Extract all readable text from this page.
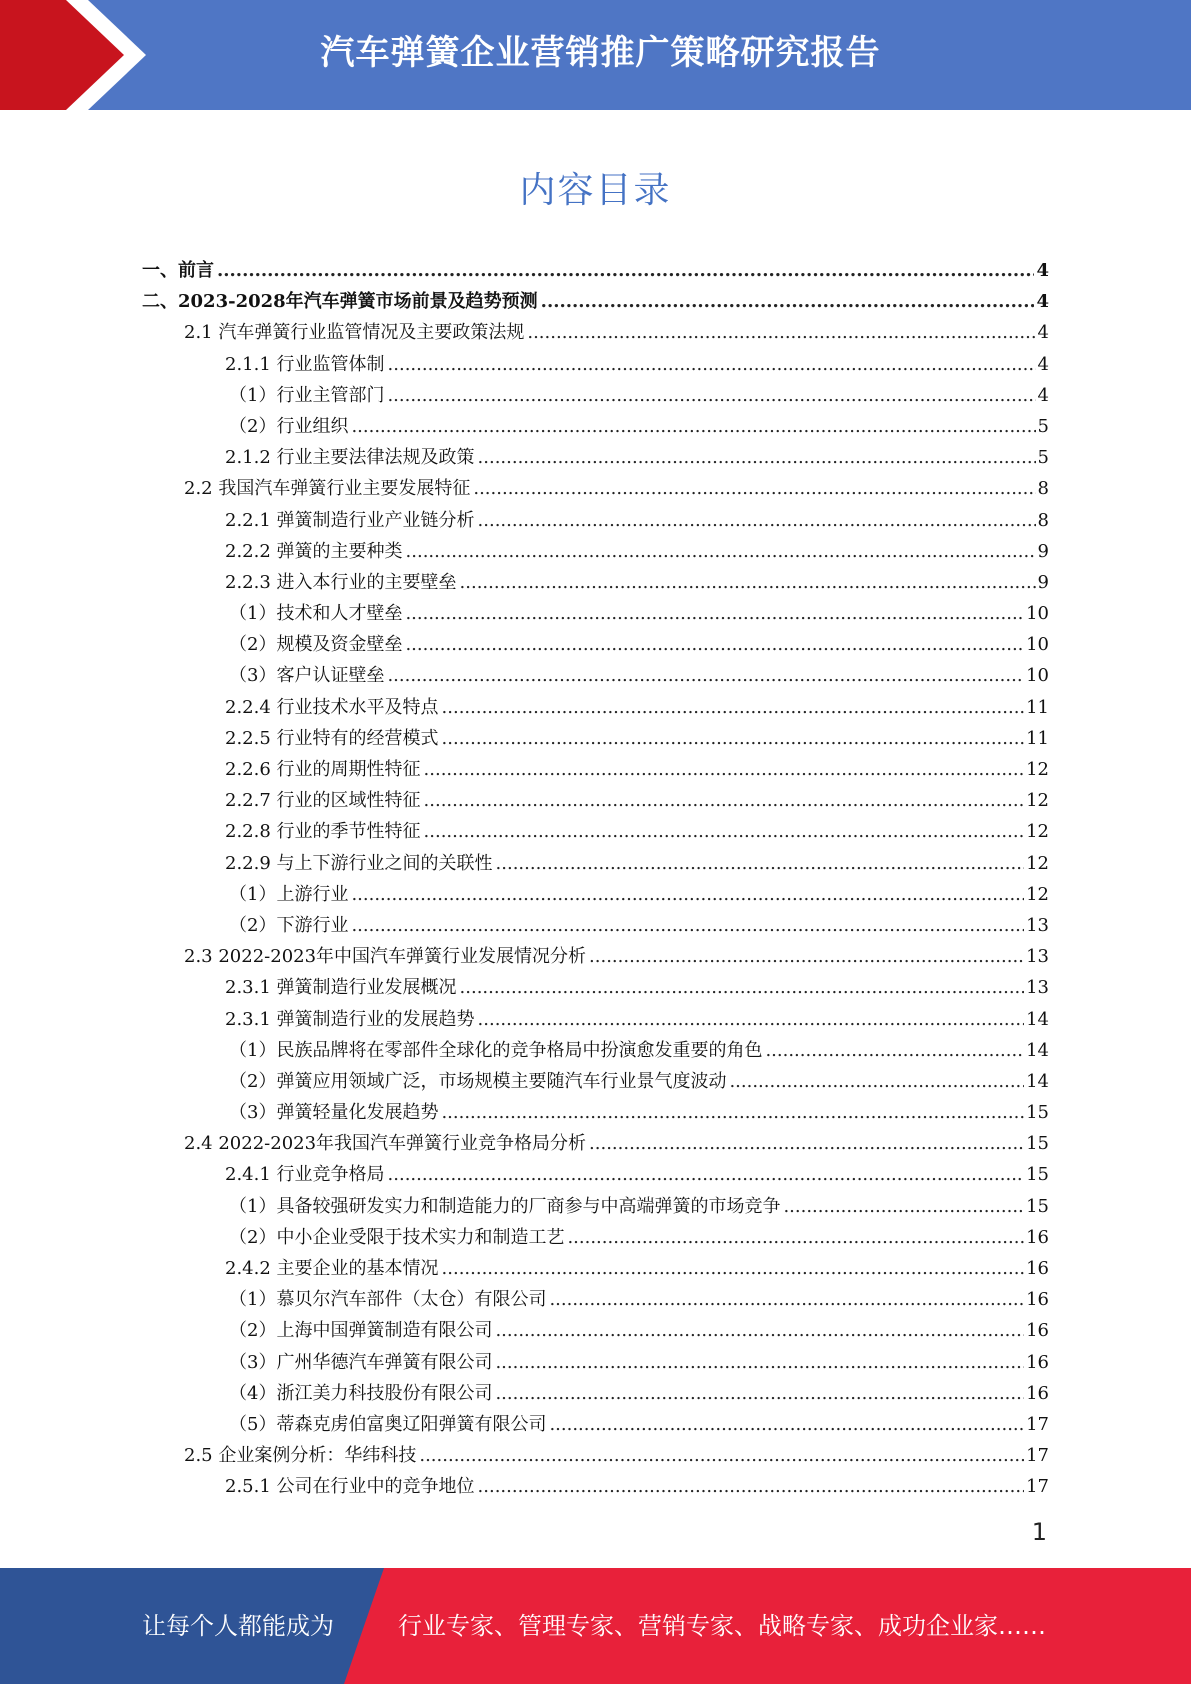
汽车弹簧企业营销推广策略研究报告
内容目录
一、前言 .....	4
二、2023-2028年汽车弹簧市场前景及趋势预测 .....	4
2.1 汽车弹簧行业监管情况及主要政策法规 .....	4
2.1.1 行业监管体制 .....	4
（1）行业主管部门 .....	4
（2）行业组织 .....	5
2.1.2 行业主要法律法规及政策 .....	5
2.2 我国汽车弹簧行业主要发展特征 .....	8
2.2.1 弹簧制造行业产业链分析 .....	8
2.2.2 弹簧的主要种类 .....	9
2.2.3 进入本行业的主要壁垒 .....	9
（1）技术和人才壁垒 .....	10
（2）规模及资金壁垒 .....	10
（3）客户认证壁垒 .....	10
2.2.4 行业技术水平及特点 .....	11
2.2.5 行业特有的经营模式 .....	11
2.2.6 行业的周期性特征 .....	12
2.2.7 行业的区域性特征 .....	12
2.2.8 行业的季节性特征 .....	12
2.2.9 与上下游行业之间的关联性 .....	12
（1）上游行业 .....	12
（2）下游行业 .....	13
2.3 2022-2023年中国汽车弹簧行业发展情况分析 .....	13
2.3.1 弹簧制造行业发展概况 .....	13
2.3.1 弹簧制造行业的发展趋势 .....	14
（1）民族品牌将在零部件全球化的竞争格局中扮演愈发重要的角色 .....	14
（2）弹簧应用领域广泛，市场规模主要随汽车行业景气度波动 .....	14
（3）弹簧轻量化发展趋势 .....	15
2.4 2022-2023年我国汽车弹簧行业竞争格局分析 .....	15
2.4.1 行业竞争格局 .....	15
（1）具备较强研发实力和制造能力的厂商参与中高端弹簧的市场竞争 .....	15
（2）中小企业受限于技术实力和制造工艺 .....	16
2.4.2 主要企业的基本情况 .....	16
（1）慕贝尔汽车部件（太仓）有限公司 .....	16
（2）上海中国弹簧制造有限公司 .....	16
（3）广州华德汽车弹簧有限公司 .....	16
（4）浙江美力科技股份有限公司 .....	16
（5）蒂森克虏伯富奥辽阳弹簧有限公司 .....	17
2.5 企业案例分析：华纬科技 .....	17
2.5.1 公司在行业中的竞争地位 .....	17
1
让每个人都能成为	行业专家、管理专家、营销专家、战略专家、成功企业家……
